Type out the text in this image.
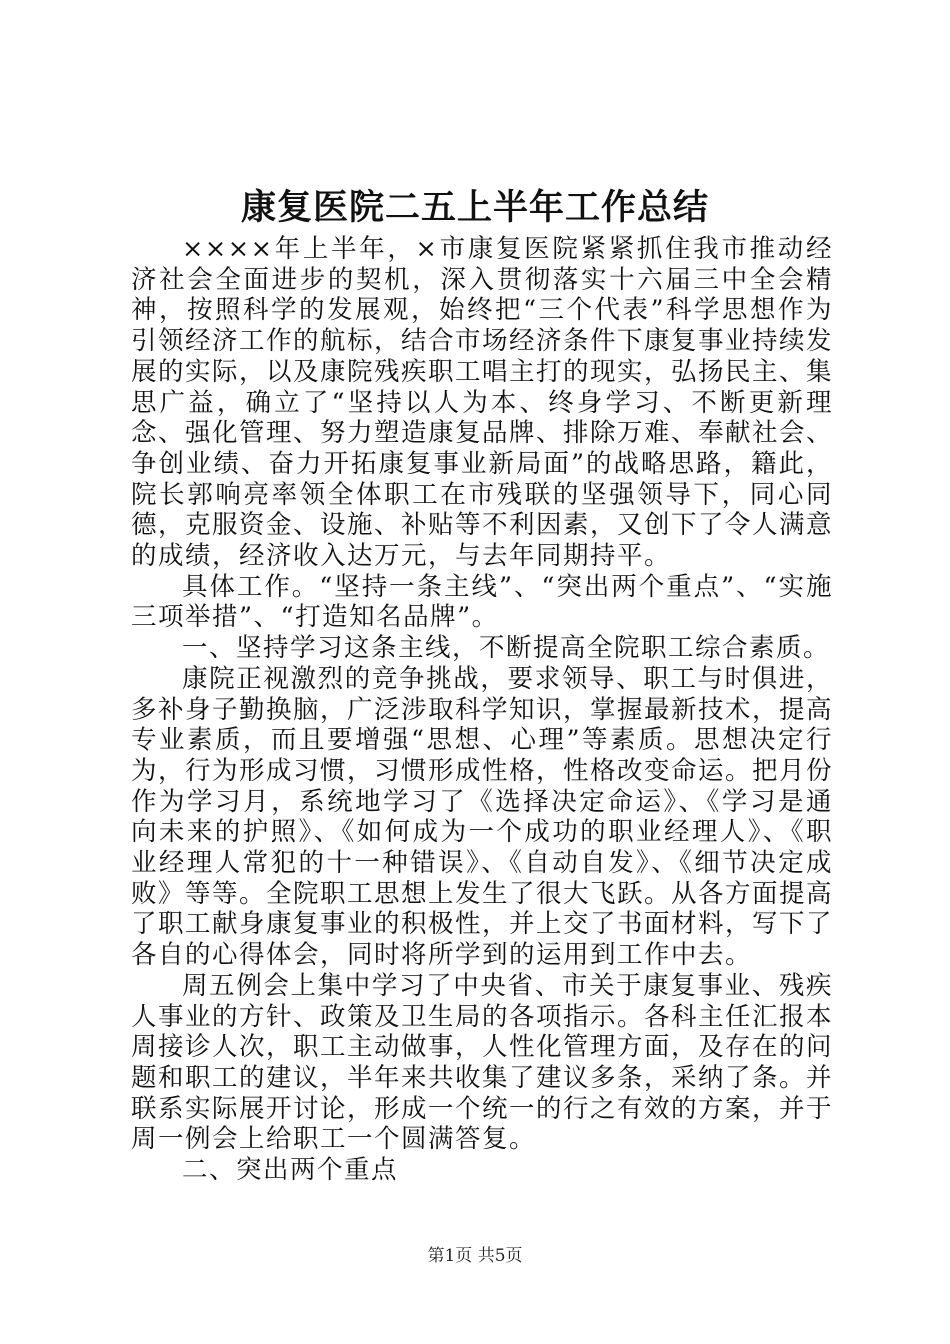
康复医院二五上半年工作总结

××××年上半年，×市康复医院紧紧抓住我市推动经济社会全面进步的契机，深入贯彻落实十六届三中全会精神，按照科学的发展观，始终把“三个代表”科学思想作为引领经济工作的航标，结合市场经济条件下康复事业持续发展的实际，以及康院残疾职工唱主打的现实，弘扬民主、集思广益，确立了“坚持以人为本、终身学习、不断更新理念、强化管理、努力塑造康复品牌、排除万难、奉献社会、争创业绩、奋力开拓康复事业新局面”的战略思路，籍此，院长郭响亮率领全体职工在市残联的坚强领导下，同心同德，克服资金、设施、补贴等不利因素，又创下了令人满意的成绩，经济收入达万元，与去年同期持平。

具体工作。“坚持一条主线”、“突出两个重点”、“实施三项举措”、“打造知名品牌”。

一、坚持学习这条主线，不断提高全院职工综合素质。

康院正视激烈的竞争挑战，要求领导、职工与时俱进，多补身子勤换脑，广泛涉取科学知识，掌握最新技术，提高专业素质，而且要增强“思想、心理”等素质。思想决定行为，行为形成习惯，习惯形成性格，性格改变命运。把月份作为学习月，系统地学习了《选择决定命运》、《学习是通向未来的护照》、《如何成为一个成功的职业经理人》、《职业经理人常犯的十一种错误》、《自动自发》、《细节决定成败》等等。全院职工思想上发生了很大飞跃。从各方面提高了职工献身康复事业的积极性，并上交了书面材料，写下了各自的心得体会，同时将所学到的运用到工作中去。

周五例会上集中学习了中央省、市关于康复事业、残疾人事业的方针、政策及卫生局的各项指示。各科主任汇报本周接诊人次，职工主动做事，人性化管理方面，及存在的问题和职工的建议，半年来共收集了建议多条，采纳了条。并联系实际展开讨论，形成一个统一的行之有效的方案，并于周一例会上给职工一个圆满答复。

二、突出两个重点

第1页 共5页
